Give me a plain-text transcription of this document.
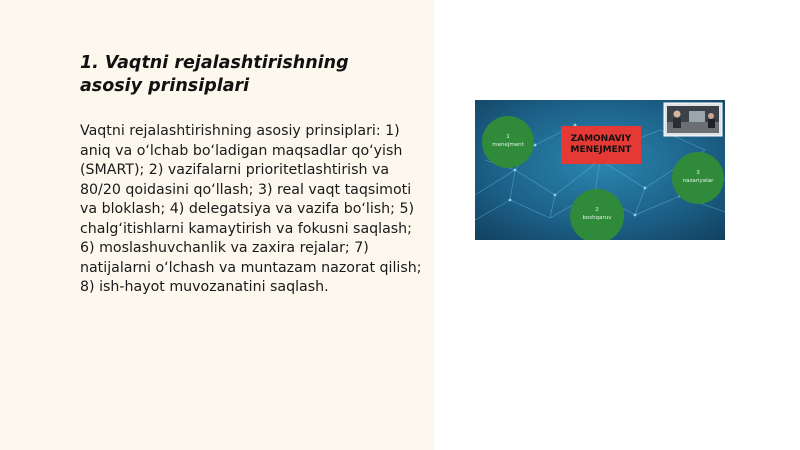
1. Vaqtni rejalashtirishning asosiy prinsiplari

Vaqtni rejalashtirishning asosiy prinsiplari: 1) aniq va o‘lchab bo‘ladigan maqsadlar qo‘yish (SMART); 2) vazifalarni prioritetlashtirish va 80/20 qoidasini qo‘llash; 3) real vaqt taqsimoti va bloklash; 4) delegatsiya va vazifa bo‘lish; 5) chalg‘itishlarni kamaytirish va fokusni saqlash; 6) moslashuvchanlik va zaxira rejalar; 7) natijalarni o‘lchash va muntazam nazorat qilish; 8) ish-hayot muvozanatini saqlash.

1
menejment
2
boshqaruv
3
nazariyalar
ZAMONAVIY MENEJMENT
